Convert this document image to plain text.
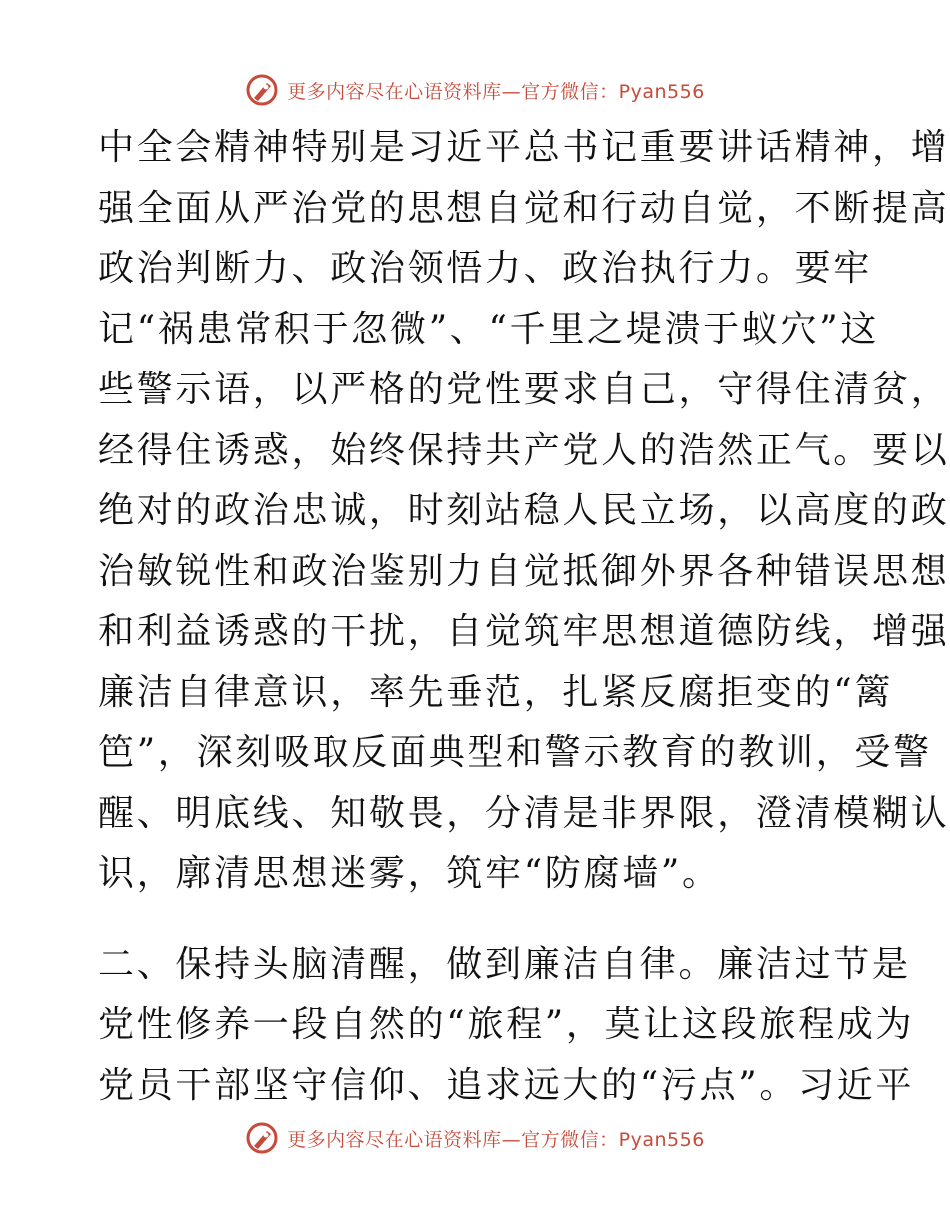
更多内容尽在心语资料库—官方微信：Pyan556
中全会精神特别是习近平总书记重要讲话精神，增
强全面从严治党的思想自觉和行动自觉，不断提高
政治判断力、政治领悟力、政治执行力。要牢
记“祸患常积于忽微”、“千里之堤溃于蚁穴”这
些警示语，以严格的党性要求自己，守得住清贫，
经得住诱惑，始终保持共产党人的浩然正气。要以
绝对的政治忠诚，时刻站稳人民立场，以高度的政
治敏锐性和政治鉴别力自觉抵御外界各种错误思想
和利益诱惑的干扰，自觉筑牢思想道德防线，增强
廉洁自律意识，率先垂范，扎紧反腐拒变的“篱
笆”，深刻吸取反面典型和警示教育的教训，受警
醒、明底线、知敬畏，分清是非界限，澄清模糊认
识，廓清思想迷雾，筑牢“防腐墙”。
二、保持头脑清醒，做到廉洁自律。廉洁过节是
党性修养一段自然的“旅程”，莫让这段旅程成为
党员干部坚守信仰、追求远大的“污点”。习近平
更多内容尽在心语资料库—官方微信：Pyan556
